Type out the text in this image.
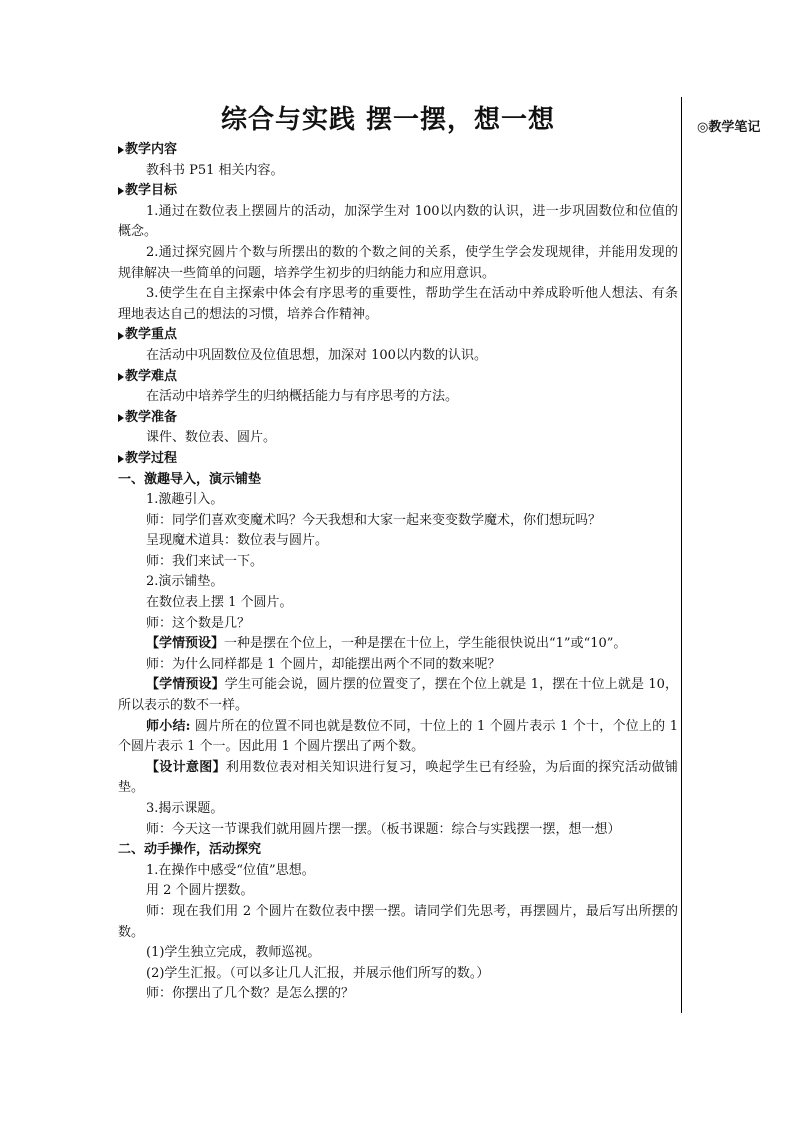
◎教学笔记
综合与实践 摆一摆，想一想
教学内容
教科书 P51 相关内容。
教学目标
1.通过在数位表上摆圆片的活动，加深学生对 100以内数的认识，进一步巩固数位和位值的概念。
2.通过探究圆片个数与所摆出的数的个数之间的关系，使学生学会发现规律，并能用发现的规律解决一些简单的问题，培养学生初步的归纳能力和应用意识。
3.使学生在自主探索中体会有序思考的重要性，帮助学生在活动中养成聆听他人想法、有条理地表达自己的想法的习惯，培养合作精神。
教学重点
在活动中巩固数位及位值思想，加深对 100以内数的认识。
教学难点
在活动中培养学生的归纳概括能力与有序思考的方法。
教学准备
课件、数位表、圆片。
教学过程
一、激趣导入，演示铺垫
1.激趣引入。
师：同学们喜欢变魔术吗？今天我想和大家一起来变变数学魔术，你们想玩吗？
呈现魔术道具：数位表与圆片。
师：我们来试一下。
2.演示铺垫。
在数位表上摆 1 个圆片。
师：这个数是几？
【学情预设】一种是摆在个位上，一种是摆在十位上，学生能很快说出“1”或“10”。
师：为什么同样都是 1 个圆片，却能摆出两个不同的数来呢？
【学情预设】学生可能会说，圆片摆的位置变了，摆在个位上就是 1，摆在十位上就是 10，所以表示的数不一样。
师小结: 圆片所在的位置不同也就是数位不同，十位上的 1 个圆片表示 1 个十，个位上的 1 个圆片表示 1 个一。因此用 1 个圆片摆出了两个数。
【设计意图】利用数位表对相关知识进行复习，唤起学生已有经验，为后面的探究活动做铺垫。
3.揭示课题。
师：今天这一节课我们就用圆片摆一摆。（板书课题：综合与实践摆一摆，想一想）
二、动手操作，活动探究
1.在操作中感受“位值”思想。
用 2 个圆片摆数。
师：现在我们用 2 个圆片在数位表中摆一摆。请同学们先思考，再摆圆片，最后写出所摆的数。
(1)学生独立完成，教师巡视。
(2)学生汇报。（可以多让几人汇报，并展示他们所写的数。）
师：你摆出了几个数？是怎么摆的？
